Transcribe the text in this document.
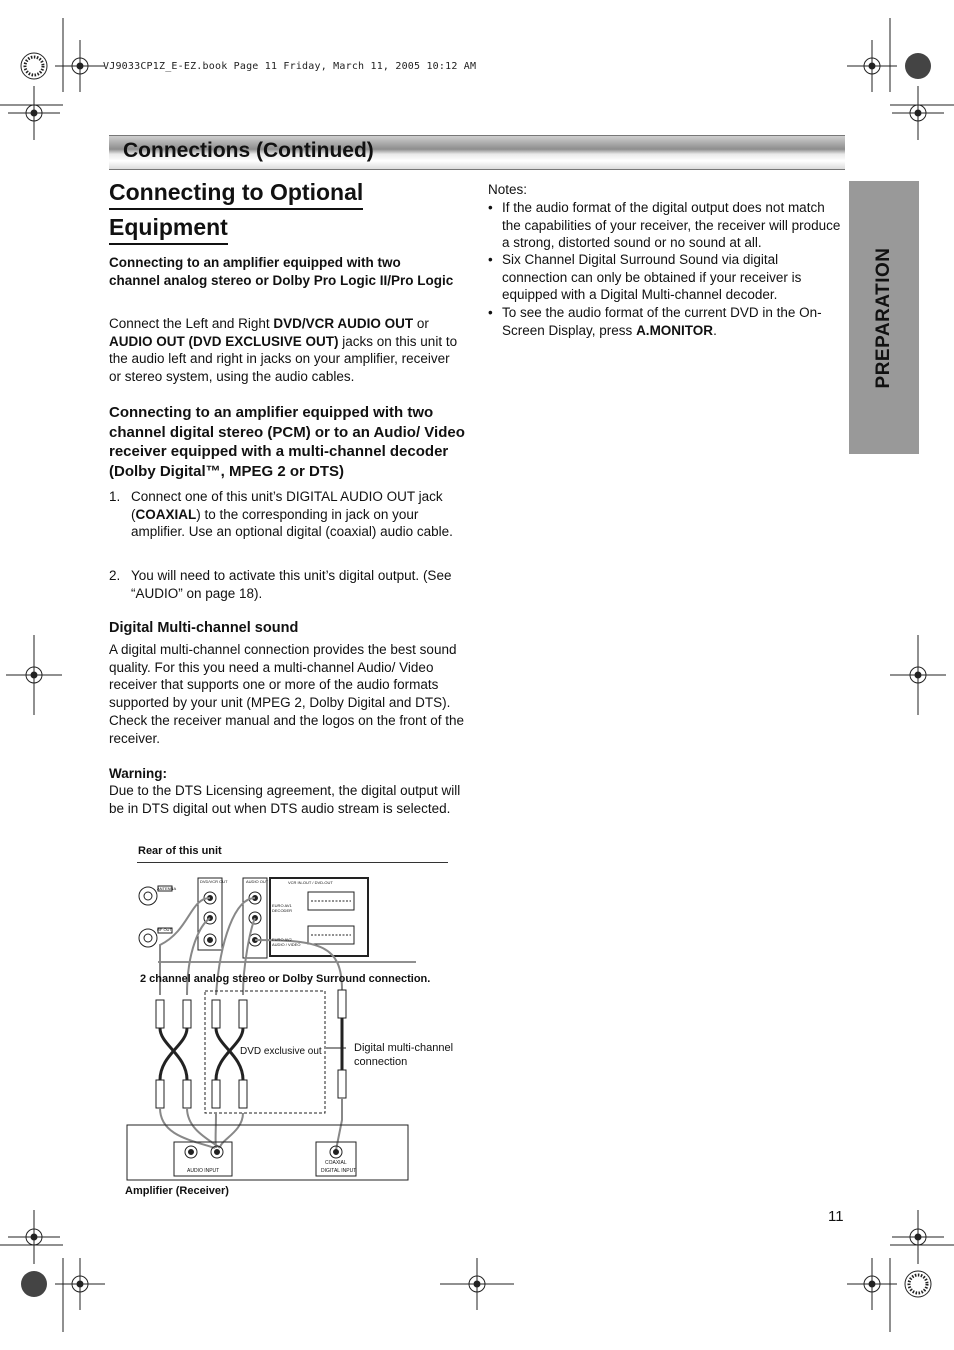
VJ9033CP1Z_E-EZ.book Page 11 Friday, March 11, 2005 10:12 AM
Connections (Continued)
PREPARATION
Connecting to Optional
Equipment
Connecting to an amplifier equipped with two channel analog stereo or Dolby Pro Logic II/Pro Logic
Connect the Left and Right DVD/VCR AUDIO OUT or AUDIO OUT (DVD EXCLUSIVE OUT) jacks on this unit to the audio left and right in jacks on your amplifier, receiver or stereo system, using the audio cables.
Connecting to an amplifier equipped with two channel digital stereo (PCM) or to an Audio/ Video receiver equipped with a multi-channel decoder (Dolby Digital™, MPEG 2 or DTS)
1. Connect one of this unit’s DIGITAL AUDIO OUT jack (COAXIAL) to the corresponding in jack on your amplifier. Use an optional digital (coaxial) audio cable.
2. You will need to activate this unit’s digital output. (See “AUDIO” on page 18).
Digital Multi-channel sound
A digital multi-channel connection provides the best sound quality. For this you need a multi-channel Audio/ Video receiver that supports one or more of the audio formats supported by your unit (MPEG 2, Dolby Digital and DTS). Check the receiver manual and the logos on the front of the receiver.
Warning:
Due to the DTS Licensing agreement, the digital output will be in DTS digital out when DTS audio stream is selected.
Notes:
• If the audio format of the digital output does not match the capabilities of your receiver, the receiver will produce a strong, distorted sound or no sound at all.
• Six Channel Digital Surround Sound via digital connection can only be obtained if your receiver is equipped with a Digital Multi-channel decoder.
• To see the audio format of the current DVD in the On-Screen Display, press A.MONITOR.
Rear of this unit
2 channel analog stereo or Dolby Surround connection.
DVD exclusive out	Digital multi-channel
connection
AUDIO INPUT
COAXIAL
DIGITAL INPUT
ANTENNA
RF OUT
DVD/VCR OUT	AUDIO OUT	VCR IN-OUT / DVD-OUT
EURO AV1 DECODER
EURO AV2 AUDIO / VIDEO
Amplifier (Receiver)
11
